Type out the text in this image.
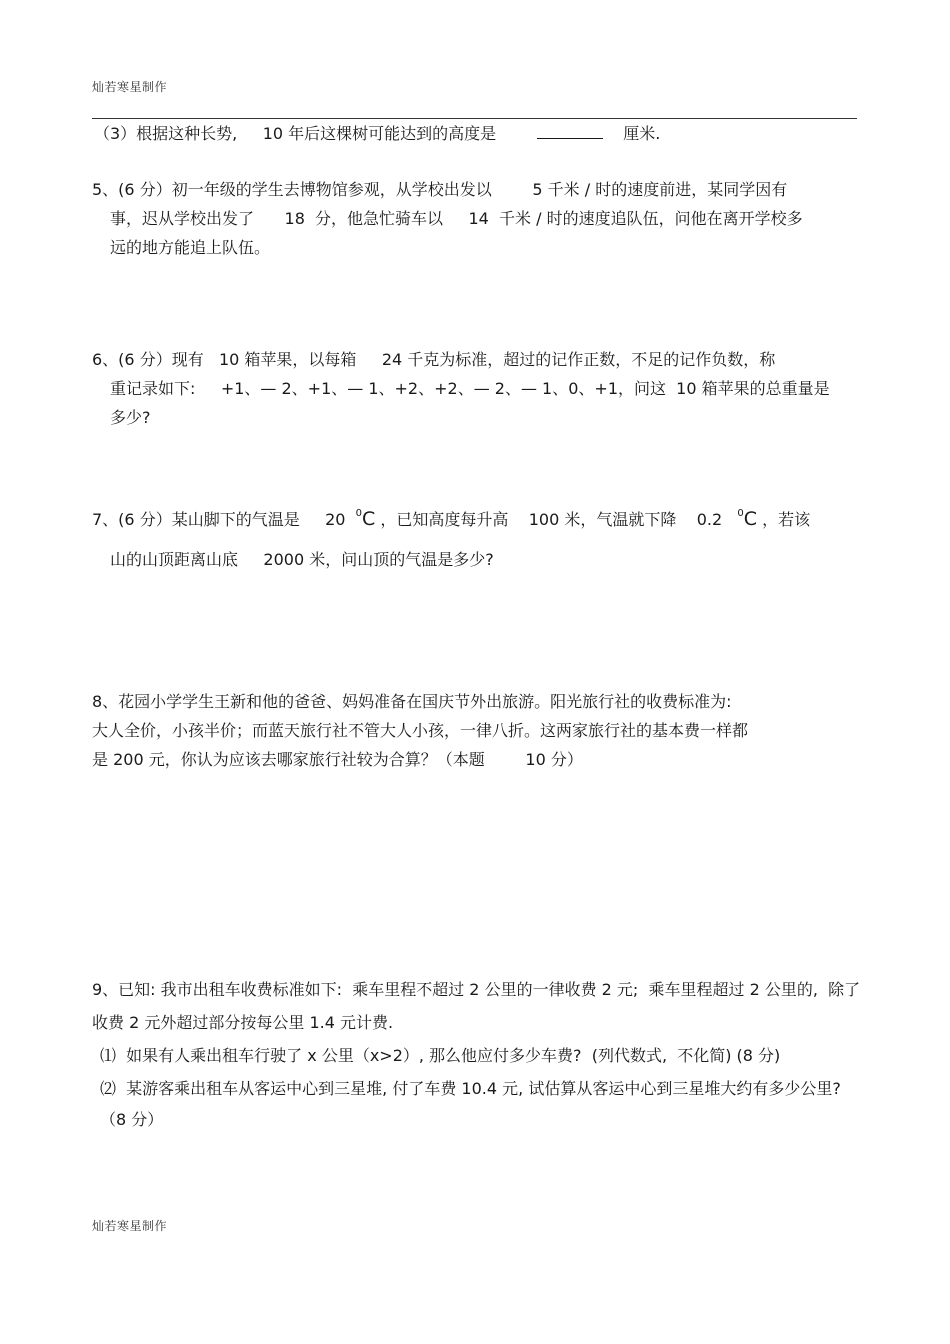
灿若寒星制作
（3）根据这种长势,     10 年后这棵树可能达到的高度是	厘米.
5、(6 分）初一年级的学生去博物馆参观，从学校出发以        5 千米 / 时的速度前进，某同学因有
事，迟从学校出发了      18  分，他急忙骑车以     14  千米 / 时的速度追队伍，问他在离开学校多
远的地方能追上队伍。
6、(6 分）现有   10 箱苹果，以每箱     24 千克为标准，超过的记作正数，不足的记作负数，称
重记录如下:     +1、— 2、+1、— 1、+2、+2、— 2、— 1、0、+1，问这  10 箱苹果的总重量是
多少?
7、(6 分）某山脚下的气温是     20  $^0$C ，已知高度每升高    100 米，气温就下降    0.2   $^0$C ，若该
山的山顶距离山底     2000 米，问山顶的气温是多少?
8、花园小学学生王新和他的爸爸、妈妈准备在国庆节外出旅游。阳光旅行社的收费标准为:
大人全价，小孩半价；而蓝天旅行社不管大人小孩，一律八折。这两家旅行社的基本费一样都
是 200 元，你认为应该去哪家旅行社较为合算？（本题        10 分）
9、已知: 我市出租车收费标准如下:  乘车里程不超过 2 公里的一律收费 2 元;  乘车里程超过 2 公里的,  除了
收费 2 元外超过部分按每公里 1.4 元计费.
⑴  如果有人乘出租车行驶了 x 公里（x>2）, 那么他应付多少车费?  (列代数式,  不化简) (8 分)
⑵  某游客乘出租车从客运中心到三星堆, 付了车费 10.4 元, 试估算从客运中心到三星堆大约有多少公里?
（8 分）
灿若寒星制作
